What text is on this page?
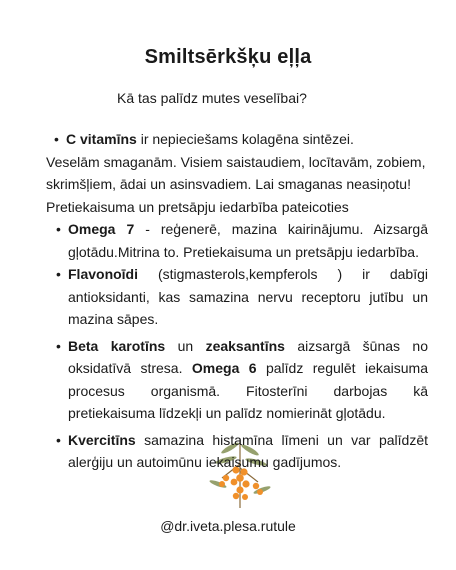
Smiltsērkšķu eļļa
Kā tas palīdz mutes veselībai?
• C vitamīns ir nepieciešams kolagēna sintēzei.

Veselām smaganām. Visiem saistaudiem, locītavām, zobiem, skrimšļiem, ādai un asinsvadiem. Lai smaganas neasiņotu!

Pretiekaisuma un pretsāpju iedarbība pateicoties

• Omega 7 - reģenerē, mazina kairinājumu. Aizsargā gļotādu.Mitrina to. Pretiekaisuma un pretsāpju iedarbība.
• Flavonoīdi (stigmasterols,kempferols ) ir dabīgi antioksidanti, kas samazina nervu receptoru jutību un mazina sāpes.
• Beta karotīns un zeaksantīns aizsargā šūnas no oksidatīvā stresa. Omega 6 palīdz regulēt iekaisuma procesus organismā. Fitosterīni darbojas kā pretiekaisuma līdzekļi un palīdz nomierināt gļotādu.
• Kvercitīns samazina histamīna līmeni un var palīdzēt alerģiju un autoimūnu iekaisumu gadījumos.
@dr.iveta.plesa.rutule
